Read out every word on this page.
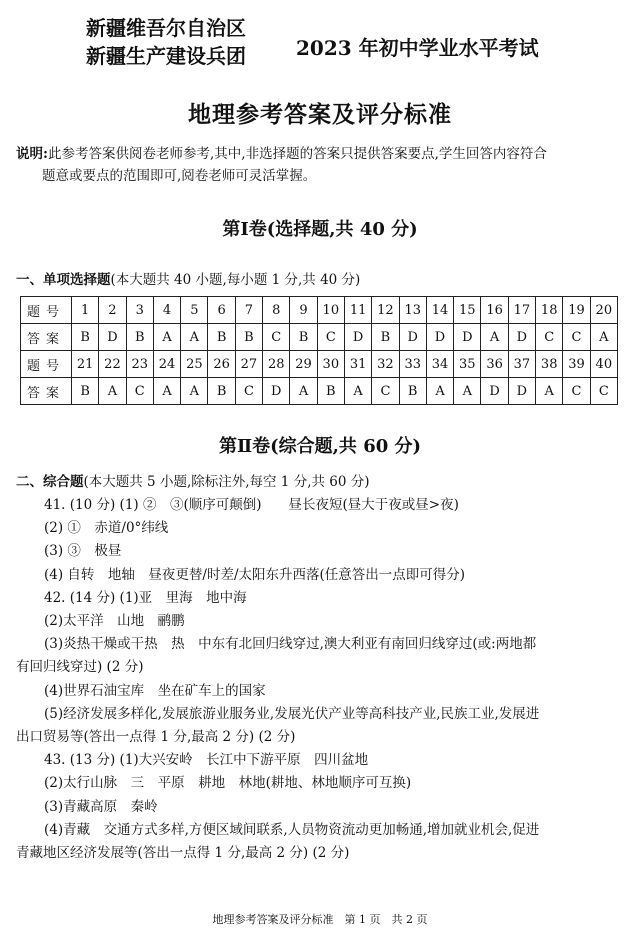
新疆维吾尔自治区
新疆生产建设兵团	2023 年初中学业水平考试
地理参考答案及评分标准
说明:此参考答案供阅卷老师参考,其中,非选择题的答案只提供答案要点,学生回答内容符合
题意或要点的范围即可,阅卷老师可灵活掌握。
第Ⅰ卷(选择题,共 40 分)
一、单项选择题(本大题共 40 小题,每小题 1 分,共 40 分)
题号	1	2	3	4	5	6	7	8	9	10	11	12	13	14	15	16	17	18	19	20
答案	B	D	B	A	A	B	B	C	B	C	D	B	D	D	D	A	D	C	C	A
题号	21	22	23	24	25	26	27	28	29	30	31	32	33	34	35	36	37	38	39	40
答案	B	A	C	A	A	B	C	D	A	B	A	C	B	A	A	D	D	A	C	C
第Ⅱ卷(综合题,共 60 分)
二、综合题(本大题共 5 小题,除标注外,每空 1 分,共 60 分)
41. (10 分) (1) ②　③(顺序可颠倒)　　昼长夜短(昼大于夜或昼>夜)
(2) ①　赤道/0°纬线
(3) ③　极昼
(4) 自转　地轴　昼夜更替/时差/太阳东升西落(任意答出一点即可得分)
42. (14 分) (1)亚　里海　地中海
(2)太平洋　山地　鹂鹏
(3)炎热干燥或干热　热　中东有北回归线穿过,澳大利亚有南回归线穿过(或:两地都
有回归线穿过) (2 分)
(4)世界石油宝库　坐在矿车上的国家
(5)经济发展多样化,发展旅游业服务业,发展光伏产业等高科技产业,民族工业,发展进
出口贸易等(答出一点得 1 分,最高 2 分) (2 分)
43. (13 分) (1)大兴安岭　长江中下游平原　四川盆地
(2)太行山脉　三　平原　耕地　林地(耕地、林地顺序可互换)
(3)青藏高原　秦岭
(4)青藏　交通方式多样,方便区域间联系,人员物资流动更加畅通,增加就业机会,促进
青藏地区经济发展等(答出一点得 1 分,最高 2 分) (2 分)
地理参考答案及评分标准　第 1 页　共 2 页
